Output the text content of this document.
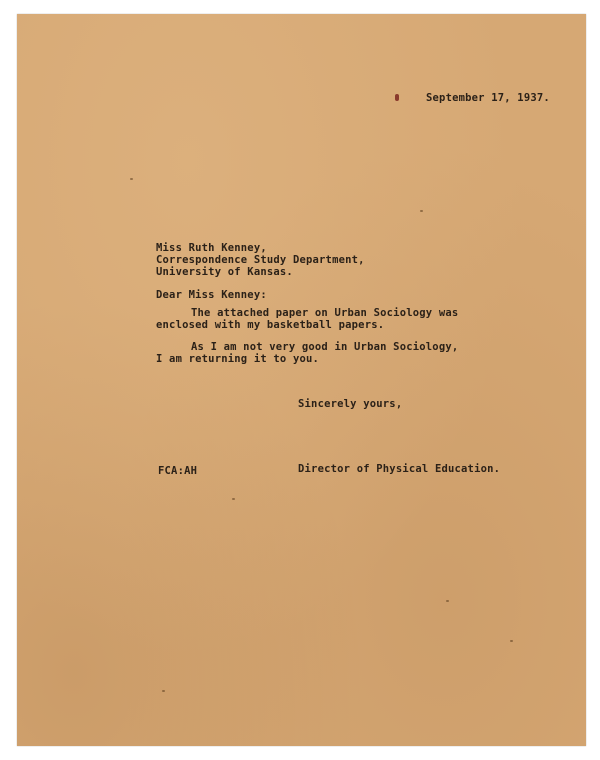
September 17, 1937.
Miss Ruth Kenney,
Correspondence Study Department,
University of Kansas.
Dear Miss Kenney:
The attached paper on Urban Sociology was
enclosed with my basketball papers.
As I am not very good in Urban Sociology,
I am returning it to you.
Sincerely yours,
FCA:AH	Director of Physical Education.
